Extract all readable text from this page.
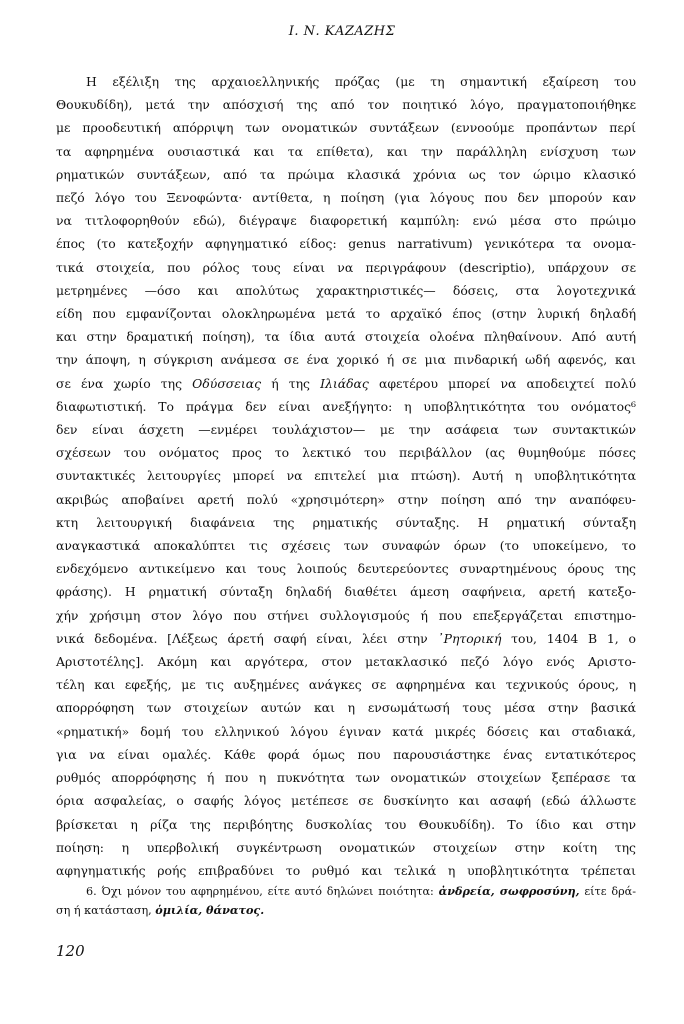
Ι. Ν. ΚΑΖΑΖΗΣ
Η εξέλιξη της αρχαιοελληνικής πρόζας (με τη σημαντική εξαίρεση του
Θουκυδίδη), μετά την απόσχισή της από τον ποιητικό λόγο, πραγματοποιήθηκε
με προοδευτική απόρριψη των ονοματικών συντάξεων (εννοούμε προπάντων περί
τα αφηρημένα ουσιαστικά και τα επίθετα), και την παράλληλη ενίσχυση των
ρηματικών συντάξεων, από τα πρώιμα κλασικά χρόνια ως τον ώριμο κλασικό
πεζό λόγο του Ξενοφώντα· αντίθετα, η ποίηση (για λόγους που δεν μπορούν καν
να τιτλοφορηθούν εδώ), διέγραψε διαφορετική καμπύλη: ενώ μέσα στο πρώιμο
έπος (το κατεξοχήν αφηγηματικό είδος: genus narrativum) γενικότερα τα ονομα-
τικά στοιχεία, που ρόλος τους είναι να περιγράφουν (descriptio), υπάρχουν σε
μετρημένες —όσο και απολύτως χαρακτηριστικές— δόσεις, στα λογοτεχνικά
είδη που εμφανίζονται ολοκληρωμένα μετά το αρχαϊκό έπος (στην λυρική δηλαδή
και στην δραματική ποίηση), τα ίδια αυτά στοιχεία ολοένα πληθαίνουν. Από αυτή
την άποψη, η σύγκριση ανάμεσα σε ένα χορικό ή σε μια πινδαρική ωδή αφενός, και
σε ένα χωρίο της Οδύσσειας ή της Ιλιάδας αφετέρου μπορεί να αποδειχτεί πολύ
διαφωτιστική. Το πράγμα δεν είναι ανεξήγητο: η υποβλητικότητα του ονόματος⁶
δεν είναι άσχετη —ενμέρει τουλάχιστον— με την ασάφεια των συντακτικών
σχέσεων του ονόματος προς το λεκτικό του περιβάλλον (ας θυμηθούμε πόσες
συντακτικές λειτουργίες μπορεί να επιτελεί μια πτώση). Αυτή η υποβλητικότητα
ακριβώς αποβαίνει αρετή πολύ «χρησιμότερη» στην ποίηση από την αναπόφευ-
κτη λειτουργική διαφάνεια της ρηματικής σύνταξης. Η ρηματική σύνταξη
αναγκαστικά αποκαλύπτει τις σχέσεις των συναφών όρων (το υποκείμενο, το
ενδεχόμενο αντικείμενο και τους λοιπούς δευτερεύοντες συναρτημένους όρους της
φράσης). Η ρηματική σύνταξη δηλαδή διαθέτει άμεση σαφήνεια, αρετή κατεξο-
χήν χρήσιμη στον λόγο που στήνει συλλογισμούς ή που επεξεργάζεται επιστημο-
νικά δεδομένα. [Λέξεως άρετή σαφή είναι, λέει στην ᾿Ρητορική του, 1404 Β 1, ο
Αριστοτέλης]. Ακόμη και αργότερα, στον μετακλασικό πεζό λόγο ενός Αριστο-
τέλη και εφεξής, με τις αυξημένες ανάγκες σε αφηρημένα και τεχνικούς όρους, η
απορρόφηση των στοιχείων αυτών και η ενσωμάτωσή τους μέσα στην βασικά
«ρηματική» δομή του ελληνικού λόγου έγιναν κατά μικρές δόσεις και σταδιακά,
για να είναι ομαλές. Κάθε φορά όμως που παρουσιάστηκε ένας εντατικότερος
ρυθμός απορρόφησης ή που η πυκνότητα των ονοματικών στοιχείων ξεπέρασε τα
όρια ασφαλείας, ο σαφής λόγος μετέπεσε σε δυσκίνητο και ασαφή (εδώ άλλωστε
βρίσκεται η ρίζα της περιβόητης δυσκολίας του Θουκυδίδη). Το ίδιο και στην
ποίηση: η υπερβολική συγκέντρωση ονοματικών στοιχείων στην κοίτη της
αφηγηματικής ροής επιβραδύνει το ρυθμό και τελικά η υποβλητικότητα τρέπεται
6. Όχι μόνον του αφηρημένου, είτε αυτό δηλώνει ποιότητα: ἀνδρεία, σωφροσύνη, είτε δρά-
ση ή κατάσταση, ὁμιλία, θάνατος.
120
